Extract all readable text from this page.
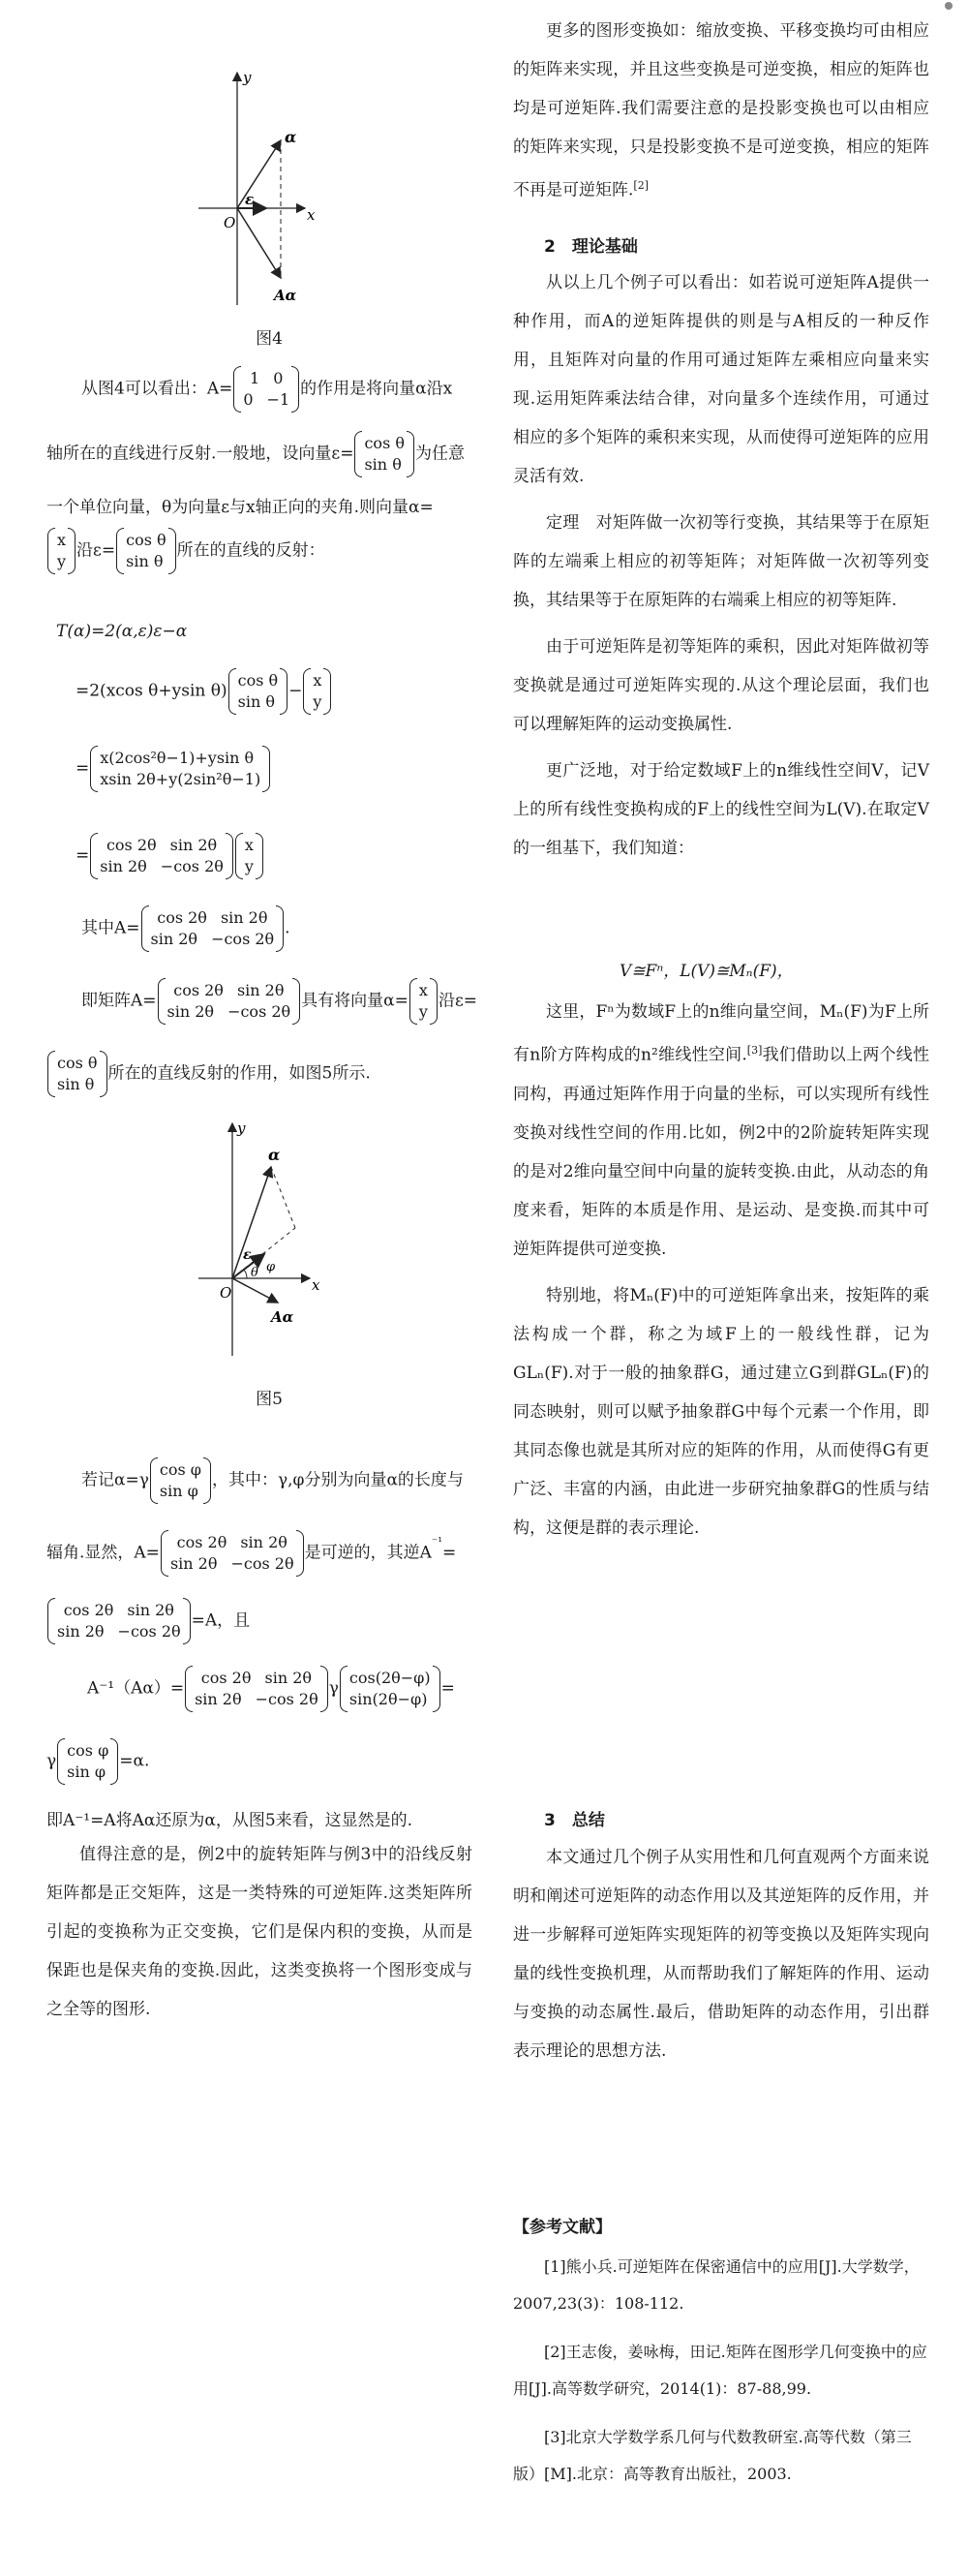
y
x
O
α
ε
Aα
图4
从图4可以看出：A=
1 0
0 −1
的作用是将向量α沿x
轴所在的直线进行反射.一般地，设向量ε=
cos θ
sin θ
为任意
一个单位向量，θ为向量ε与x轴正向的夹角.则向量α=
x
y
沿ε=
cos θ
sin θ
所在的直线的反射：
T(α)=2(α,ε)ε−α
=2(xcos θ+ysin θ)
cos θ
sin θ
−
x
y
=
x(2cos²θ−1)+ysin θ
xsin 2θ+y(2sin²θ−1)
=
cos 2θ sin 2θ
sin 2θ −cos 2θ
x
y
其中A=
cos 2θ sin 2θ
sin 2θ −cos 2θ
.
即矩阵A=
cos 2θ sin 2θ
sin 2θ −cos 2θ
具有将向量α=
x
y
沿ε=
cos θ
sin θ
所在的直线反射的作用，如图5所示.
y
x
O
α
ε
θ φ
Aα
图5
若记α=γ
cos φ
sin φ
，其中：γ,φ分别为向量α的长度与
辐角.显然，A=
cos 2θ sin 2θ
sin 2θ −cos 2θ
是可逆的，其逆$A^{^{-1}}=$
cos 2θ sin 2θ
sin 2θ −cos 2θ
=A，且
A⁻¹（Aα）=
cos 2θ sin 2θ
sin 2θ −cos 2θ
γ
cos(2θ−φ)
sin(2θ−φ)
=
γ
cos φ
sin φ
=α.
即A⁻¹=A将Aα还原为α，从图5来看，这显然是的.

值得注意的是，例2中的旋转矩阵与例3中的沿线反射矩阵都是正交矩阵，这是一类特殊的可逆矩阵.这类矩阵所引起的变换称为正交变换，它们是保内积的变换，从而是保距也是保夹角的变换.因此，这类变换将一个图形变成与之全等的图形.

更多的图形变换如：缩放变换、平移变换均可由相应的矩阵来实现，并且这些变换是可逆变换，相应的矩阵也均是可逆矩阵.我们需要注意的是投影变换也可以由相应的矩阵来实现，只是投影变换不是可逆变换，相应的矩阵不再是可逆矩阵.[2]

2　理论基础

从以上几个例子可以看出：如若说可逆矩阵A提供一种作用，而A的逆矩阵提供的则是与A相反的一种反作用，且矩阵对向量的作用可通过矩阵左乘相应向量来实现.运用矩阵乘法结合律，对向量多个连续作用，可通过相应的多个矩阵的乘积来实现，从而使得可逆矩阵的应用灵活有效.

定理　对矩阵做一次初等行变换，其结果等于在原矩阵的左端乘上相应的初等矩阵；对矩阵做一次初等列变换，其结果等于在原矩阵的右端乘上相应的初等矩阵.

由于可逆矩阵是初等矩阵的乘积，因此对矩阵做初等变换就是通过可逆矩阵实现的.从这个理论层面，我们也可以理解矩阵的运动变换属性.

更广泛地，对于给定数域F上的n维线性空间V，记V上的所有线性变换构成的F上的线性空间为L(V).在取定V的一组基下，我们知道：

V≅Fⁿ，L(V)≅Mₙ(F)，

这里，Fⁿ为数域F上的n维向量空间，Mₙ(F)为F上所有n阶方阵构成的n²维线性空间.[3]我们借助以上两个线性同构，再通过矩阵作用于向量的坐标，可以实现所有线性变换对线性空间的作用.比如，例2中的2阶旋转矩阵实现的是对2维向量空间中向量的旋转变换.由此，从动态的角度来看，矩阵的本质是作用、是运动、是变换.而其中可逆矩阵提供可逆变换.

特别地，将Mₙ(F)中的可逆矩阵拿出来，按矩阵的乘法构成一个群，称之为域F上的一般线性群，记为GLₙ(F).对于一般的抽象群G，通过建立G到群GLₙ(F)的同态映射，则可以赋予抽象群G中每个元素一个作用，即其同态像也就是其所对应的矩阵的作用，从而使得G有更广泛、丰富的内涵，由此进一步研究抽象群G的性质与结构，这便是群的表示理论.

3　总结

本文通过几个例子从实用性和几何直观两个方面来说明和阐述可逆矩阵的动态作用以及其逆矩阵的反作用，并进一步解释可逆矩阵实现矩阵的初等变换以及矩阵实现向量的线性变换机理，从而帮助我们了解矩阵的作用、运动与变换的动态属性.最后，借助矩阵的动态作用，引出群表示理论的思想方法.

【参考文献】
[1]熊小兵.可逆矩阵在保密通信中的应用[J].大学数学，2007,23(3)：108-112.
[2]王志俊，姜咏梅，田记.矩阵在图形学几何变换中的应用[J].高等数学研究，2014(1)：87-88,99.
[3]北京大学数学系几何与代数教研室.高等代数（第三版）[M].北京：高等教育出版社，2003.
